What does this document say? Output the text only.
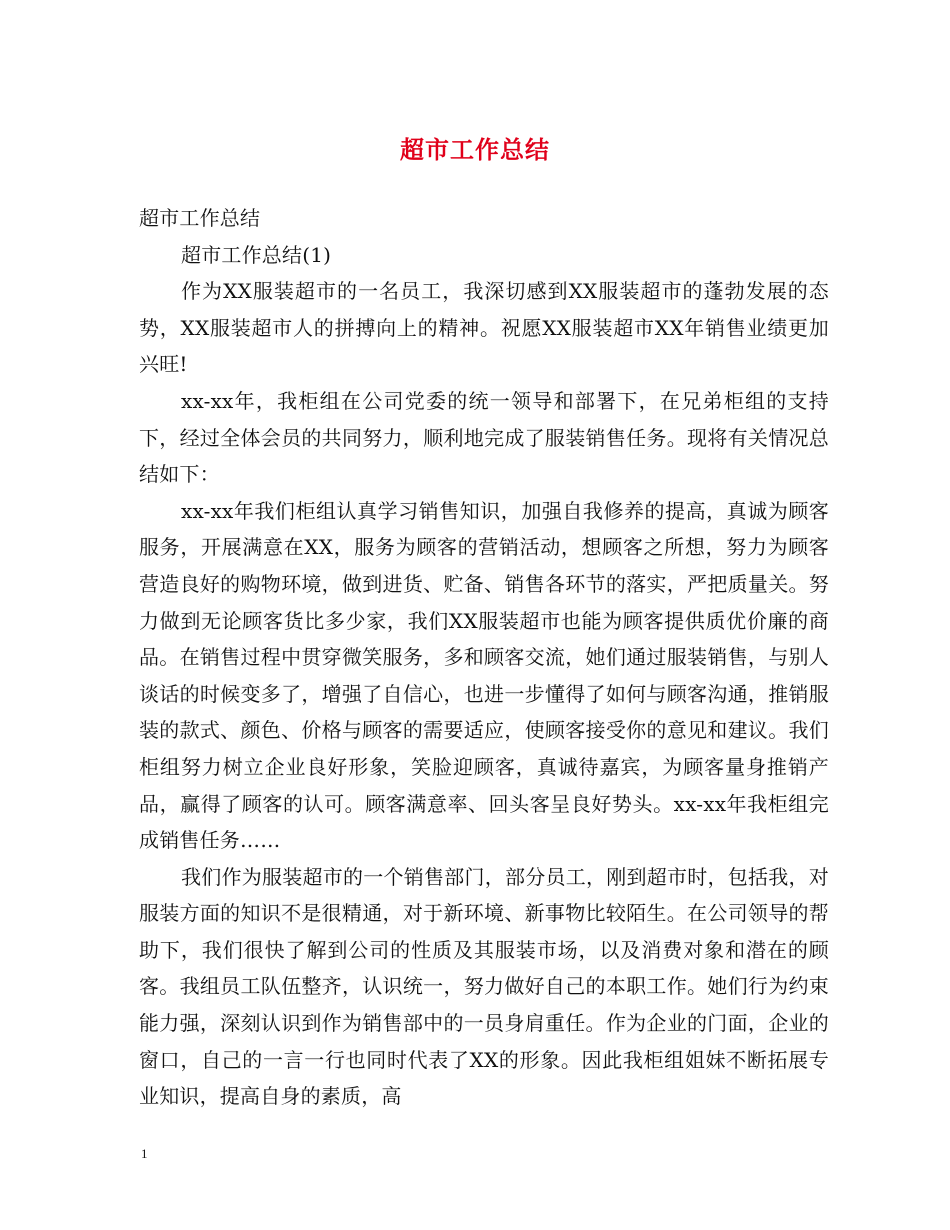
超市工作总结

超市工作总结

超市工作总结(1)

作为XX服装超市的一名员工，我深切感到XX服装超市的蓬勃发展的态势，XX服装超市人的拼搏向上的精神。祝愿XX服装超市XX年销售业绩更加兴旺!

xx-xx年，我柜组在公司党委的统一领导和部署下，在兄弟柜组的支持下，经过全体会员的共同努力，顺利地完成了服装销售任务。现将有关情况总结如下：

xx-xx年我们柜组认真学习销售知识，加强自我修养的提高，真诚为顾客服务，开展满意在XX，服务为顾客的营销活动，想顾客之所想，努力为顾客营造良好的购物环境，做到进货、贮备、销售各环节的落实，严把质量关。努力做到无论顾客货比多少家，我们XX服装超市也能为顾客提供质优价廉的商品。在销售过程中贯穿微笑服务，多和顾客交流，她们通过服装销售，与别人谈话的时候变多了，增强了自信心，也进一步懂得了如何与顾客沟通，推销服装的款式、颜色、价格与顾客的需要适应，使顾客接受你的意见和建议。我们柜组努力树立企业良好形象，笑脸迎顾客，真诚待嘉宾，为顾客量身推销产品，赢得了顾客的认可。顾客满意率、回头客呈良好势头。xx-xx年我柜组完成销售任务……

我们作为服装超市的一个销售部门，部分员工，刚到超市时，包括我，对服装方面的知识不是很精通，对于新环境、新事物比较陌生。在公司领导的帮助下，我们很快了解到公司的性质及其服装市场，以及消费对象和潜在的顾客。我组员工队伍整齐，认识统一，努力做好自己的本职工作。她们行为约束能力强，深刻认识到作为销售部中的一员身肩重任。作为企业的门面，企业的窗口，自己的一言一行也同时代表了XX的形象。因此我柜组姐妹不断拓展专业知识，提高自身的素质，高

1
